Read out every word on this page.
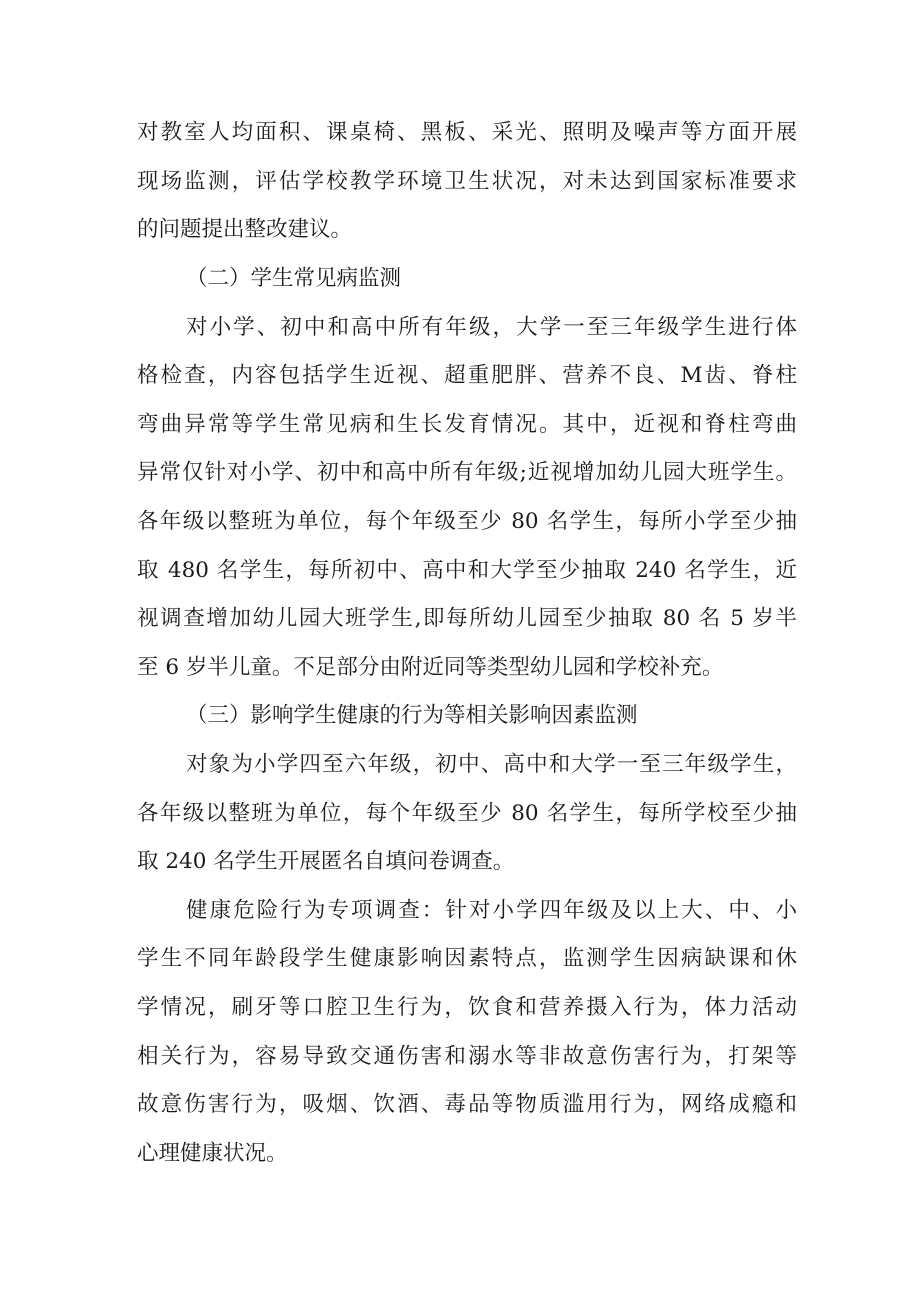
对教室人均面积、课桌椅、黑板、采光、照明及噪声等方面开展
现场监测，评估学校教学环境卫生状况，对未达到国家标准要求
的问题提出整改建议。
（二）学生常见病监测
对小学、初中和高中所有年级，大学一至三年级学生进行体
格检查，内容包括学生近视、超重肥胖、营养不良、M齿、脊柱
弯曲异常等学生常见病和生长发育情况。其中，近视和脊柱弯曲
异常仅针对小学、初中和高中所有年级;近视增加幼儿园大班学生。
各年级以整班为单位，每个年级至少 80 名学生，每所小学至少抽
取 480 名学生，每所初中、高中和大学至少抽取 240 名学生，近
视调查增加幼儿园大班学生,即每所幼儿园至少抽取 80 名 5 岁半
至 6 岁半儿童。不足部分由附近同等类型幼儿园和学校补充。
（三）影响学生健康的行为等相关影响因素监测
对象为小学四至六年级，初中、高中和大学一至三年级学生，
各年级以整班为单位，每个年级至少 80 名学生，每所学校至少抽
取 240 名学生开展匿名自填问卷调查。
健康危险行为专项调查：针对小学四年级及以上大、中、小
学生不同年龄段学生健康影响因素特点，监测学生因病缺课和休
学情况，刷牙等口腔卫生行为，饮食和营养摄入行为，体力活动
相关行为，容易导致交通伤害和溺水等非故意伤害行为，打架等
故意伤害行为，吸烟、饮酒、毒品等物质滥用行为，网络成瘾和
心理健康状况。
